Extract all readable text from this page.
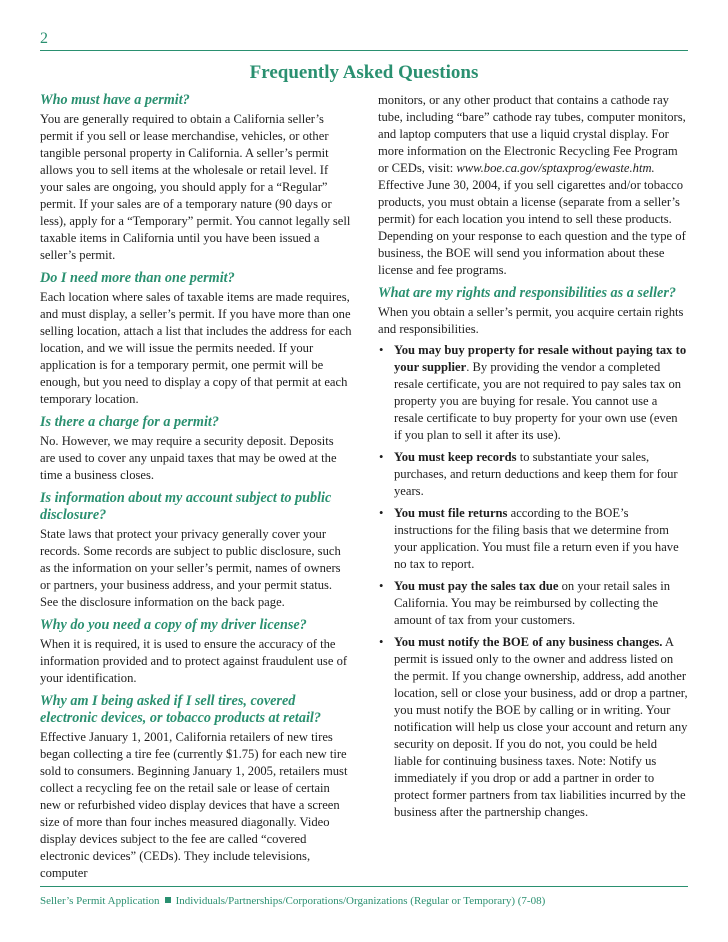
2
Frequently Asked Questions
Who must have a permit?

You are generally required to obtain a California seller’s permit if you sell or lease merchandise, vehicles, or other tangible personal property in California. A seller’s permit allows you to sell items at the wholesale or retail level. If your sales are ongoing, you should apply for a “Regular” permit. If your sales are of a temporary nature (90 days or less), apply for a “Temporary” permit. You cannot legally sell taxable items in California until you have been issued a seller’s permit.

Do I need more than one permit?

Each location where sales of taxable items are made requires, and must display, a seller’s permit. If you have more than one selling location, attach a list that includes the address for each location, and we will issue the permits needed. If your application is for a temporary permit, one permit will be enough, but you need to display a copy of that permit at each temporary location.

Is there a charge for a permit?

No. However, we may require a security deposit. Deposits are used to cover any unpaid taxes that may be owed at the time a business closes.

Is information about my account subject to public disclosure?

State laws that protect your privacy generally cover your records. Some records are subject to public disclosure, such as the information on your seller’s permit, names of owners or partners, your business address, and your permit status. See the disclosure information on the back page.

Why do you need a copy of my driver license?

When it is required, it is used to ensure the accuracy of the information provided and to protect against fraudulent use of your identification.

Why am I being asked if I sell tires, covered electronic devices, or tobacco products at retail?

Effective January 1, 2001, California retailers of new tires began collecting a tire fee (currently $1.75) for each new tire sold to consumers. Beginning January 1, 2005, retailers must collect a recycling fee on the retail sale or lease of certain new or refurbished video display devices that have a screen size of more than four inches measured diagonally. Video display devices subject to the fee are called “covered electronic devices” (CEDs). They include televisions, computer

monitors, or any other product that contains a cathode ray tube, including “bare” cathode ray tubes, computer monitors, and laptop computers that use a liquid crystal display. For more information on the Electronic Recycling Fee Program or CEDs, visit: www.boe.ca.gov/sptaxprog/ewaste.htm. Effective June 30, 2004, if you sell cigarettes and/or tobacco products, you must obtain a license (separate from a seller’s permit) for each location you intend to sell these products. Depending on your response to each question and the type of business, the BOE will send you information about these license and fee programs.

What are my rights and responsibilities as a seller?

When you obtain a seller’s permit, you acquire certain rights and responsibilities.

• You may buy property for resale without paying tax to your supplier. By providing the vendor a completed resale certificate, you are not required to pay sales tax on property you are buying for resale. You cannot use a resale certificate to buy property for your own use (even if you plan to sell it after its use).
• You must keep records to substantiate your sales, purchases, and return deductions and keep them for four years.
• You must file returns according to the BOE’s instructions for the filing basis that we determine from your application. You must file a return even if you have no tax to report.
• You must pay the sales tax due on your retail sales in California. You may be reimbursed by collecting the amount of tax from your customers.
• You must notify the BOE of any business changes. A permit is issued only to the owner and address listed on the permit. If you change ownership, address, add another location, sell or close your business, add or drop a partner, you must notify the BOE by calling or in writing. Your notification will help us close your account and return any security on deposit. If you do not, you could be held liable for continuing business taxes. Note: Notify us immediately if you drop or add a partner in order to protect former partners from tax liabilities incurred by the business after the partnership changes.
Seller’s Permit Application Individuals/Partnerships/Corporations/Organizations (Regular or Temporary) (7-08)
